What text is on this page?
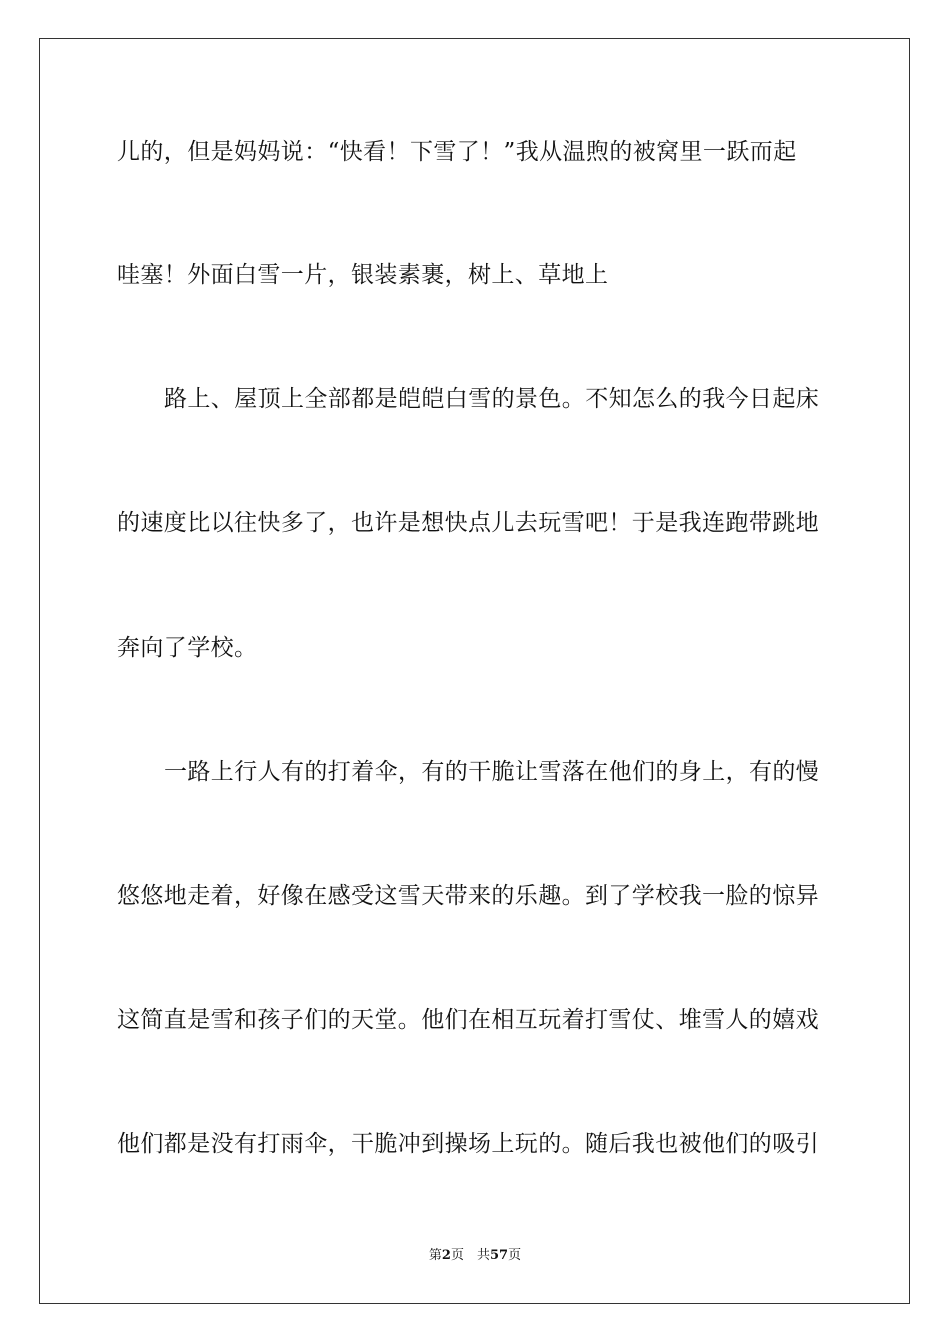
儿的，但是妈妈说：“快看！下雪了！”我从温煦的被窝里一跃而起
哇塞！外面白雪一片，银装素裹，树上、草地上
路上、屋顶上全部都是皑皑白雪的景色。不知怎么的我今日起床
的速度比以往快多了，也许是想快点儿去玩雪吧！于是我连跑带跳地
奔向了学校。
一路上行人有的打着伞，有的干脆让雪落在他们的身上，有的慢
悠悠地走着，好像在感受这雪天带来的乐趣。到了学校我一脸的惊异
这简直是雪和孩子们的天堂。他们在相互玩着打雪仗、堆雪人的嬉戏
他们都是没有打雨伞，干脆冲到操场上玩的。随后我也被他们的吸引
第2页　共57页
